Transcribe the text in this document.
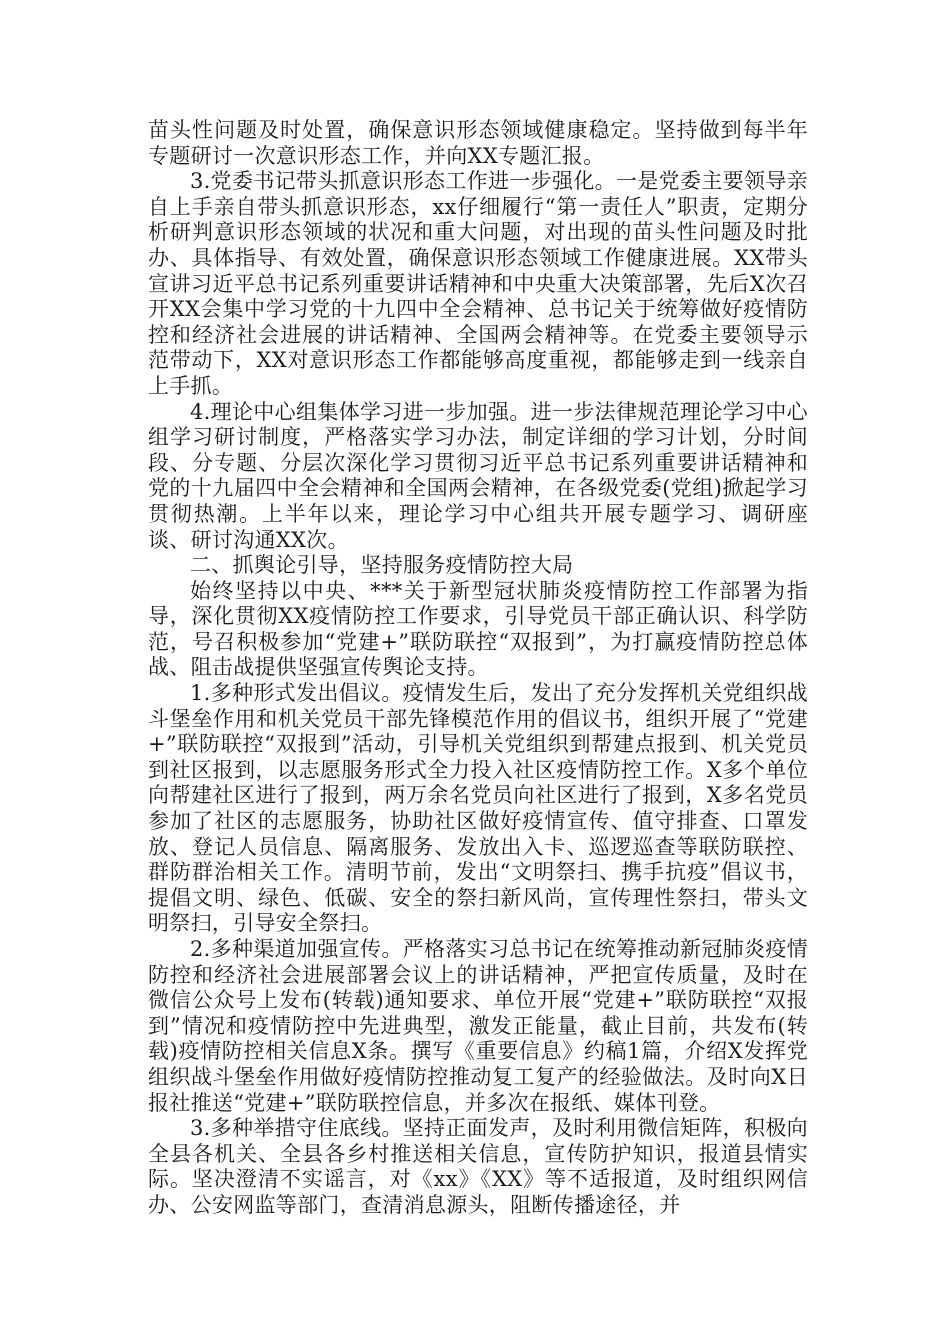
苗头性问题及时处置，确保意识形态领域健康稳定。坚持做到每半年专题研讨一次意识形态工作，并向XX专题汇报。

3.党委书记带头抓意识形态工作进一步强化。一是党委主要领导亲自上手亲自带头抓意识形态，xx仔细履行“第一责任人”职责，定期分析研判意识形态领域的状况和重大问题，对出现的苗头性问题及时批办、具体指导、有效处置，确保意识形态领域工作健康进展。XX带头宣讲习近平总书记系列重要讲话精神和中央重大决策部署，先后X次召开XX会集中学习党的十九四中全会精神、总书记关于统筹做好疫情防控和经济社会进展的讲话精神、全国两会精神等。在党委主要领导示范带动下，XX对意识形态工作都能够高度重视，都能够走到一线亲自上手抓。

4.理论中心组集体学习进一步加强。进一步法律规范理论学习中心组学习研讨制度，严格落实学习办法，制定详细的学习计划，分时间段、分专题、分层次深化学习贯彻习近平总书记系列重要讲话精神和党的十九届四中全会精神和全国两会精神，在各级党委(党组)掀起学习贯彻热潮。上半年以来，理论学习中心组共开展专题学习、调研座谈、研讨沟通XX次。

二、抓舆论引导，坚持服务疫情防控大局

始终坚持以中央、***关于新型冠状肺炎疫情防控工作部署为指导，深化贯彻XX疫情防控工作要求，引导党员干部正确认识、科学防范，号召积极参加“党建+”联防联控“双报到”，为打赢疫情防控总体战、阻击战提供坚强宣传舆论支持。

1.多种形式发出倡议。疫情发生后，发出了充分发挥机关党组织战斗堡垒作用和机关党员干部先锋模范作用的倡议书，组织开展了“党建+”联防联控“双报到”活动，引导机关党组织到帮建点报到、机关党员到社区报到，以志愿服务形式全力投入社区疫情防控工作。X多个单位向帮建社区进行了报到，两万余名党员向社区进行了报到，X多名党员参加了社区的志愿服务，协助社区做好疫情宣传、值守排查、口罩发放、登记人员信息、隔离服务、发放出入卡、巡逻巡查等联防联控、群防群治相关工作。清明节前，发出“文明祭扫、携手抗疫”倡议书，提倡文明、绿色、低碳、安全的祭扫新风尚，宣传理性祭扫，带头文明祭扫，引导安全祭扫。

2.多种渠道加强宣传。严格落实习总书记在统筹推动新冠肺炎疫情防控和经济社会进展部署会议上的讲话精神，严把宣传质量，及时在微信公众号上发布(转载)通知要求、单位开展“党建+”联防联控“双报到”情况和疫情防控中先进典型，激发正能量，截止目前，共发布(转载)疫情防控相关信息X条。撰写《重要信息》约稿1篇，介绍X发挥党组织战斗堡垒作用做好疫情防控推动复工复产的经验做法。及时向X日报社推送“党建+”联防联控信息，并多次在报纸、媒体刊登。

3.多种举措守住底线。坚持正面发声，及时利用微信矩阵，积极向全县各机关、全县各乡村推送相关信息，宣传防护知识，报道县情实际。坚决澄清不实谣言，对《xx》《XX》等不适报道，及时组织网信办、公安网监等部门，查清消息源头，阻断传播途径，并
